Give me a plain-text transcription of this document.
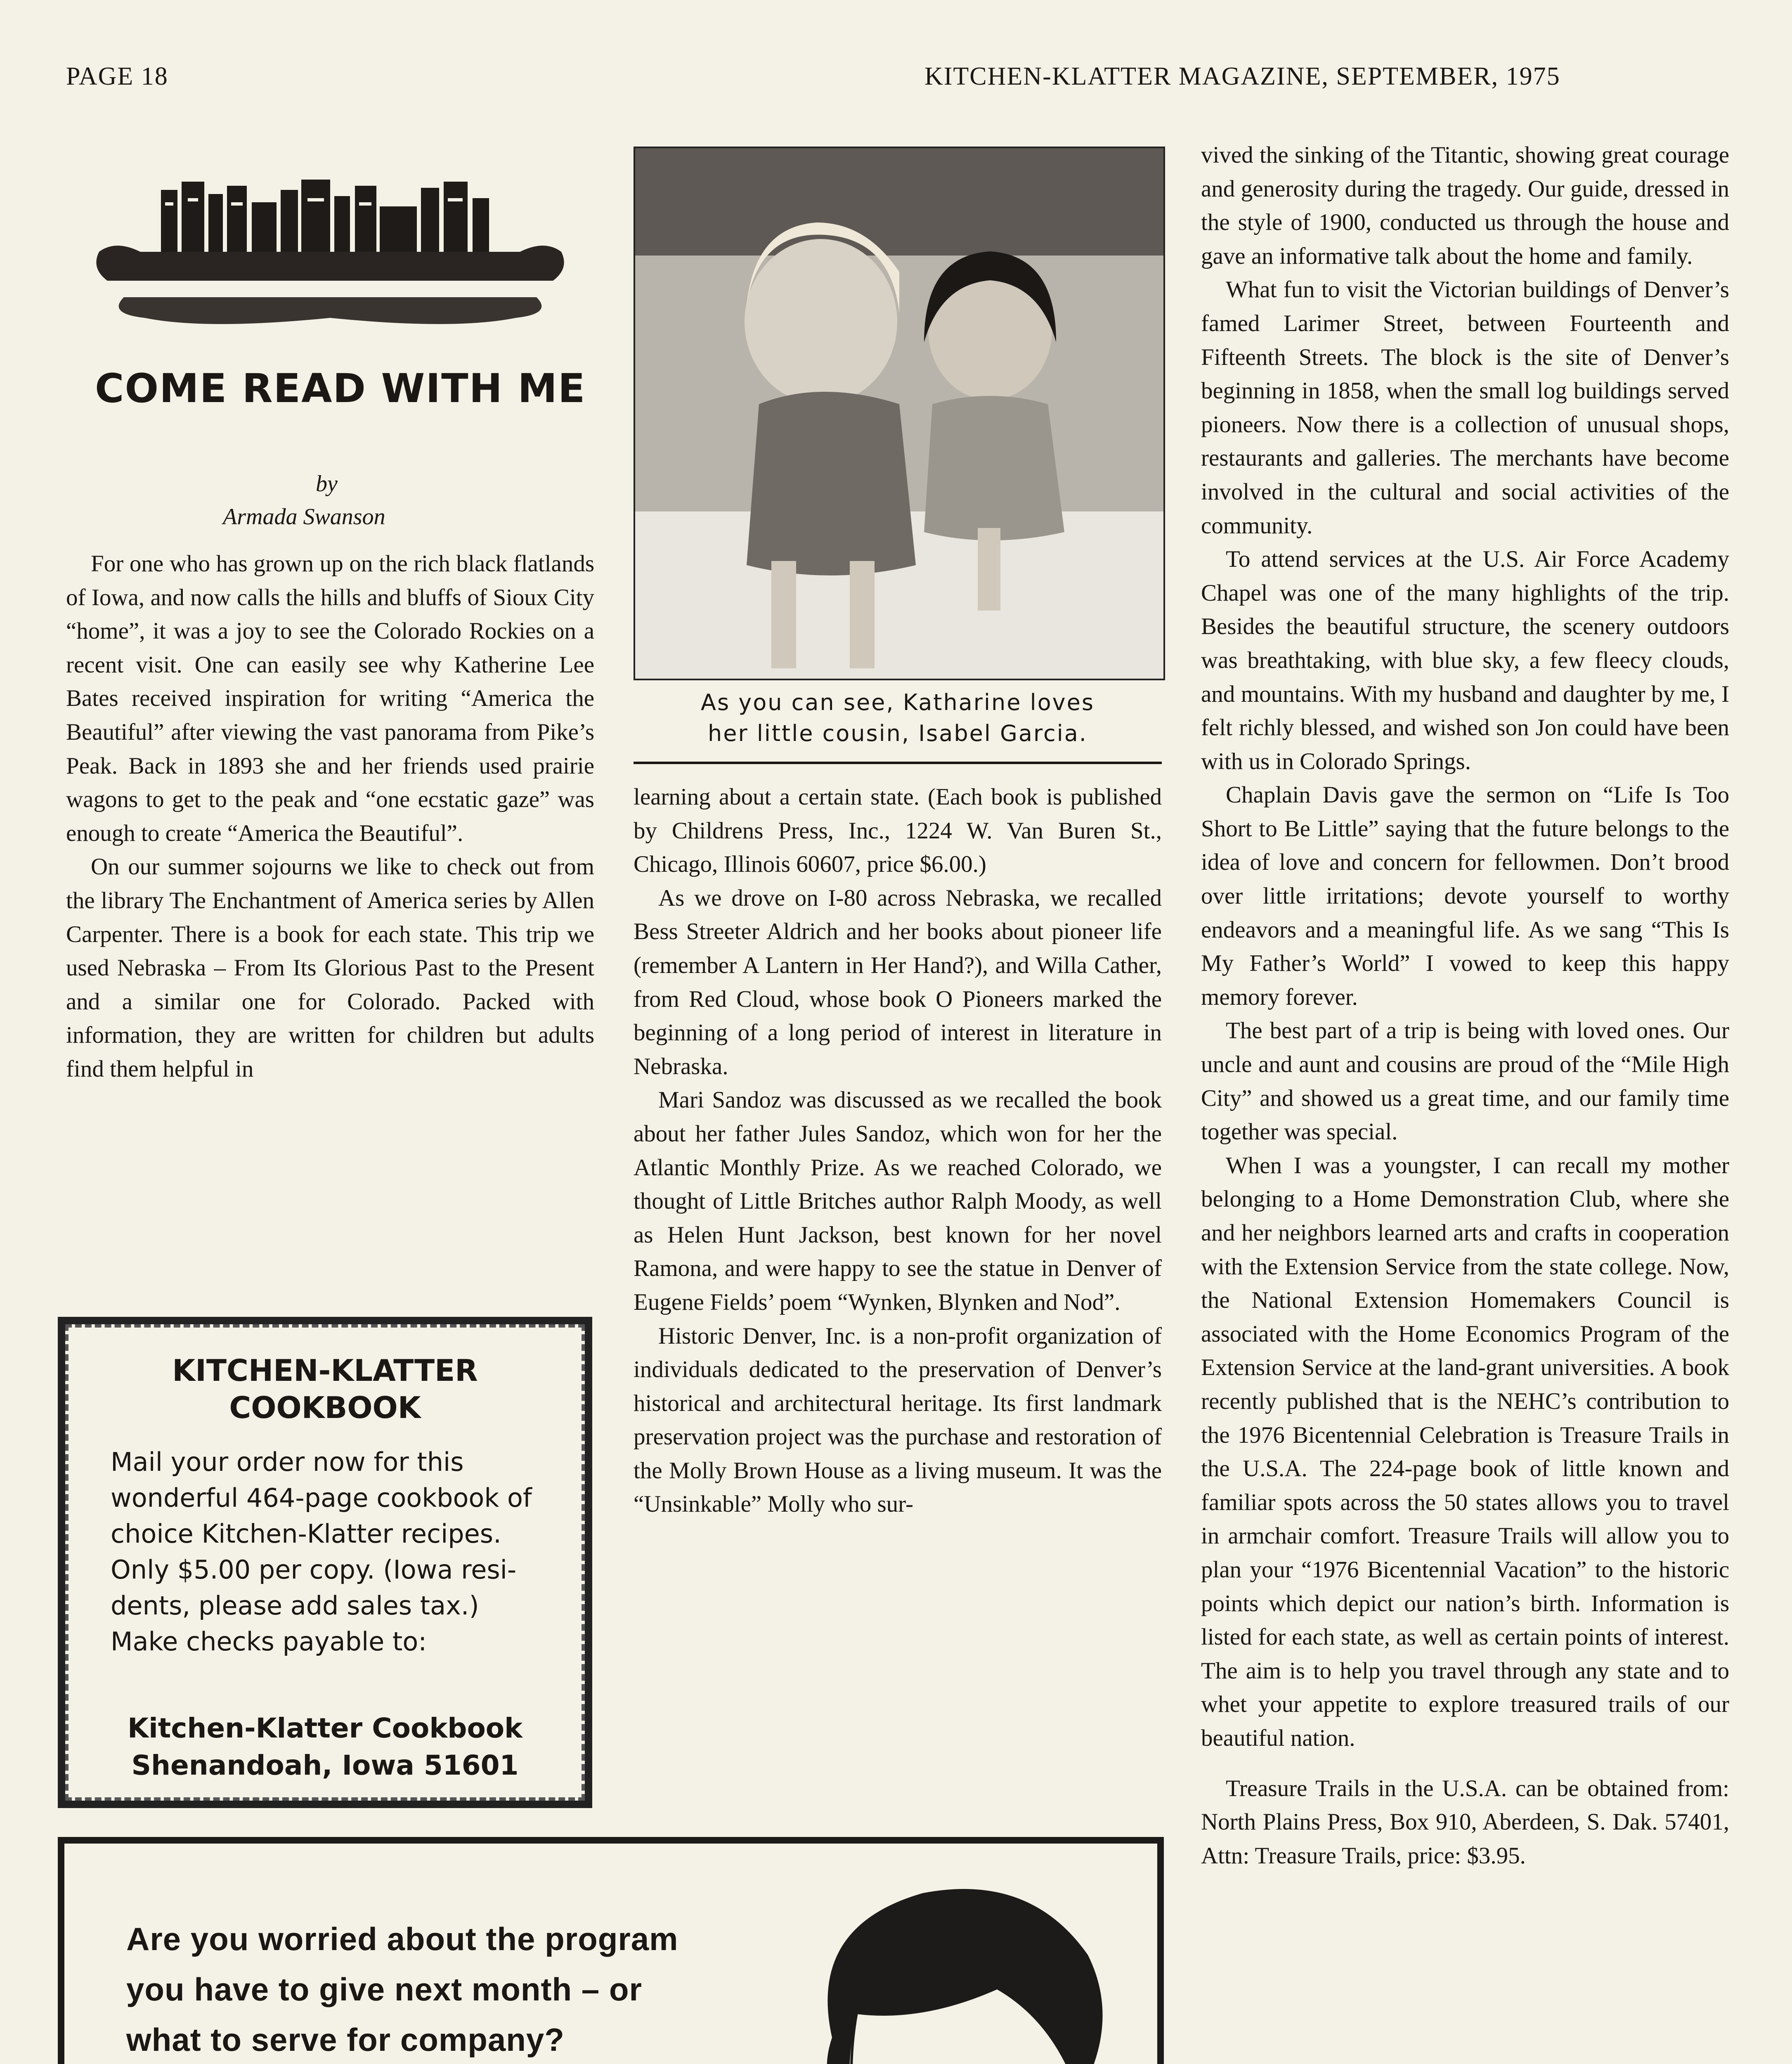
PAGE 18	KITCHEN-KLATTER MAGAZINE, SEPTEMBER, 1975
COME READ WITH ME
by
Armada Swanson

For one who has grown up on the rich black flatlands of Iowa, and now calls the hills and bluffs of Sioux City “home”, it was a joy to see the Colorado Rockies on a recent visit. One can easily see why Katherine Lee Bates received inspiration for writing “America the Beautiful” after viewing the vast panorama from Pike’s Peak. Back in 1893 she and her friends used prairie wagons to get to the peak and “one ecstatic gaze” was enough to create “America the Beautiful”.

On our summer sojourns we like to check out from the library The Enchantment of America series by Allen Carpenter. There is a book for each state. This trip we used Nebraska – From Its Glorious Past to the Present and a similar one for Colorado. Packed with information, they are written for children but adults find them helpful in

KITCHEN-KLATTER
COOKBOOK
Mail your order now for this
wonderful 464-page cookbook of
choice Kitchen-Klatter recipes.
Only $5.00 per copy. (Iowa resi-
dents, please add sales tax.)
Make checks payable to:
Kitchen-Klatter Cookbook
Shenandoah, Iowa 51601
As you can see, Katharine loves
her little cousin, Isabel Garcia.

learning about a certain state. (Each book is published by Childrens Press, Inc., 1224 W. Van Buren St., Chicago, Illinois 60607, price $6.00.)

As we drove on I-80 across Nebraska, we recalled Bess Streeter Aldrich and her books about pioneer life (remember A Lantern in Her Hand?), and Willa Cather, from Red Cloud, whose book O Pioneers marked the beginning of a long period of interest in literature in Nebraska.

Mari Sandoz was discussed as we recalled the book about her father Jules Sandoz, which won for her the Atlantic Monthly Prize. As we reached Colorado, we thought of Little Britches author Ralph Moody, as well as Helen Hunt Jackson, best known for her novel Ramona, and were happy to see the statue in Denver of Eugene Fields’ poem “Wynken, Blynken and Nod”.

Historic Denver, Inc. is a non-profit organization of individuals dedicated to the preservation of Denver’s historical and architectural heritage. Its first landmark preservation project was the purchase and restoration of the Molly Brown House as a living museum. It was the “Unsinkable” Molly who sur-

vived the sinking of the Titantic, showing great courage and generosity during the tragedy. Our guide, dressed in the style of 1900, conducted us through the house and gave an informative talk about the home and family.

What fun to visit the Victorian buildings of Denver’s famed Larimer Street, between Fourteenth and Fifteenth Streets. The block is the site of Denver’s beginning in 1858, when the small log buildings served pioneers. Now there is a collection of unusual shops, restaurants and galleries. The merchants have become involved in the cultural and social activities of the community.

To attend services at the U.S. Air Force Academy Chapel was one of the many highlights of the trip. Besides the beautiful structure, the scenery outdoors was breathtaking, with blue sky, a few fleecy clouds, and mountains. With my husband and daughter by me, I felt richly blessed, and wished son Jon could have been with us in Colorado Springs.

Chaplain Davis gave the sermon on “Life Is Too Short to Be Little” saying that the future belongs to the idea of love and concern for fellowmen. Don’t brood over little irritations; devote yourself to worthy endeavors and a meaningful life. As we sang “This Is My Father’s World” I vowed to keep this happy memory forever.

The best part of a trip is being with loved ones. Our uncle and aunt and cousins are proud of the “Mile High City” and showed us a great time, and our family time together was special.

When I was a youngster, I can recall my mother belonging to a Home Demonstration Club, where she and her neighbors learned arts and crafts in cooperation with the Extension Service from the state college. Now, the National Extension Homemakers Council is associated with the Home Economics Program of the Extension Service at the land-grant universities. A book recently published that is the NEHC’s contribution to the 1976 Bicentennial Celebration is Treasure Trails in the U.S.A. The 224-page book of little known and familiar spots across the 50 states allows you to travel in armchair comfort. Treasure Trails will allow you to plan your “1976 Bicentennial Vacation” to the historic points which depict our nation’s birth. Information is listed for each state, as well as certain points of interest. The aim is to help you travel through any state and to whet your appetite to explore treasured trails of our beautiful nation.

Treasure Trails in the U.S.A. can be obtained from: North Plains Press, Box 910, Aberdeen, S. Dak. 57401, Attn: Treasure Trails, price: $3.95.

Are you worried about the program
you have to give next month – or
what to serve for company?
